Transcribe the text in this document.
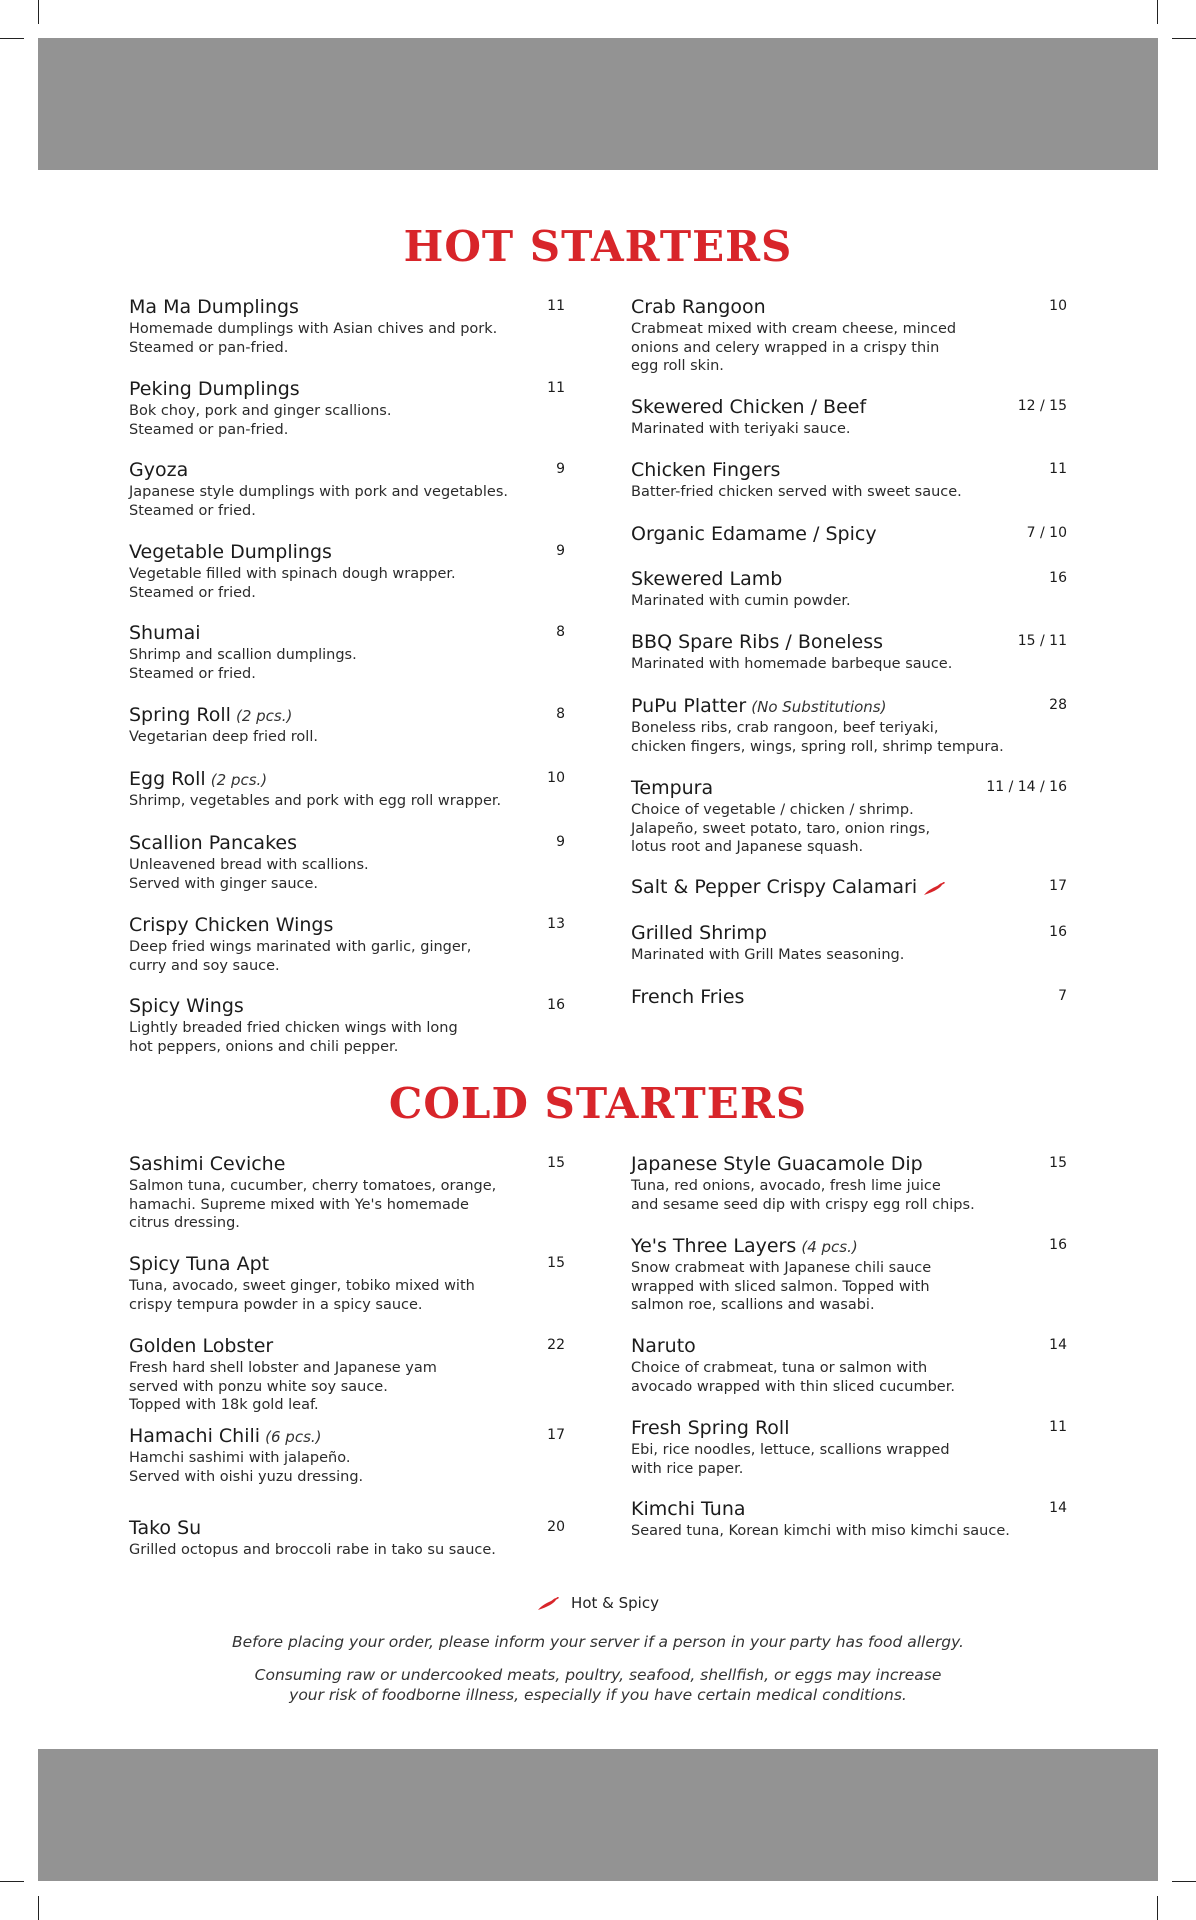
HOT STARTERS
Ma Ma Dumplings	11
Homemade dumplings with Asian chives and pork.
Steamed or pan-fried.
Peking Dumplings	11
Bok choy, pork and ginger scallions.
Steamed or pan-fried.
Gyoza	9
Japanese style dumplings with pork and vegetables.
Steamed or fried.
Vegetable Dumplings	9
Vegetable filled with spinach dough wrapper.
Steamed or fried.
Shumai	8
Shrimp and scallion dumplings.
Steamed or fried.
Spring Roll (2 pcs.)	8
Vegetarian deep fried roll.
Egg Roll (2 pcs.)	10
Shrimp, vegetables and pork with egg roll wrapper.
Scallion Pancakes	9
Unleavened bread with scallions.
Served with ginger sauce.
Crispy Chicken Wings	13
Deep fried wings marinated with garlic, ginger,
curry and soy sauce.
Spicy Wings	16
Lightly breaded fried chicken wings with long
hot peppers, onions and chili pepper.
Crab Rangoon	10
Crabmeat mixed with cream cheese, minced
onions and celery wrapped in a crispy thin
egg roll skin.
Skewered Chicken / Beef	12 / 15
Marinated with teriyaki sauce.
Chicken Fingers	11
Batter-fried chicken served with sweet sauce.
Organic Edamame / Spicy	7 / 10
Skewered Lamb	16
Marinated with cumin powder.
BBQ Spare Ribs / Boneless	15 / 11
Marinated with homemade barbeque sauce.
PuPu Platter (No Substitutions)	28
Boneless ribs, crab rangoon, beef teriyaki,
chicken fingers, wings, spring roll, shrimp tempura.
Tempura	11 / 14 / 16
Choice of vegetable / chicken / shrimp.
Jalapeño, sweet potato, taro, onion rings,
lotus root and Japanese squash.
Salt & Pepper Crispy Calamari	17
Grilled Shrimp	16
Marinated with Grill Mates seasoning.
French Fries	7
COLD STARTERS
Sashimi Ceviche	15
Salmon tuna, cucumber, cherry tomatoes, orange,
hamachi. Supreme mixed with Ye's homemade
citrus dressing.
Spicy Tuna Apt	15
Tuna, avocado, sweet ginger, tobiko mixed with
crispy tempura powder in a spicy sauce.
Golden Lobster	22
Fresh hard shell lobster and Japanese yam
served with ponzu white soy sauce.
Topped with 18k gold leaf.
Hamachi Chili (6 pcs.)	17
Hamchi sashimi with jalapeño.
Served with oishi yuzu dressing.
Tako Su	20
Grilled octopus and broccoli rabe in tako su sauce.
Japanese Style Guacamole Dip	15
Tuna, red onions, avocado, fresh lime juice
and sesame seed dip with crispy egg roll chips.
Ye's Three Layers (4 pcs.)	16
Snow crabmeat with Japanese chili sauce
wrapped with sliced salmon. Topped with
salmon roe, scallions and wasabi.
Naruto	14
Choice of crabmeat, tuna or salmon with
avocado wrapped with thin sliced cucumber.
Fresh Spring Roll	11
Ebi, rice noodles, lettuce, scallions wrapped
with rice paper.
Kimchi Tuna	14
Seared tuna, Korean kimchi with miso kimchi sauce.
Hot & Spicy
Before placing your order, please inform your server if a person in your party has food allergy.
Consuming raw or undercooked meats, poultry, seafood, shellfish, or eggs may increase
your risk of foodborne illness, especially if you have certain medical conditions.
